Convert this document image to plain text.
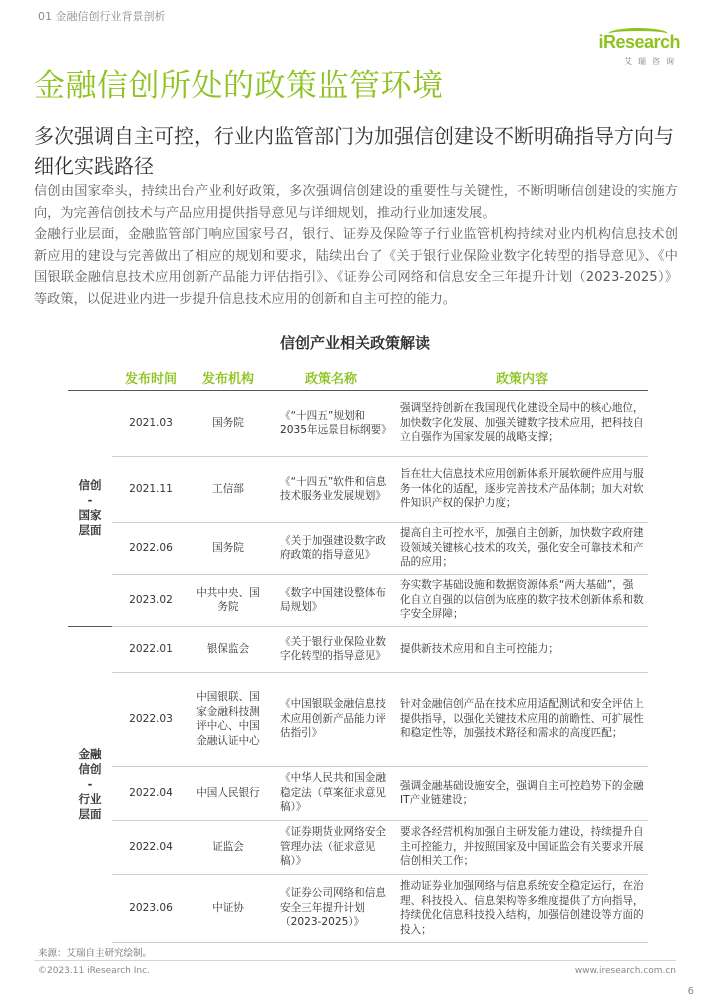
01 金融信创行业背景剖析
iResearch
艾瑞咨询
金融信创所处的政策监管环境
多次强调自主可控，行业内监管部门为加强信创建设不断明确指导方向与细化实践路径

信创由国家牵头，持续出台产业利好政策，多次强调信创建设的重要性与关键性，不断明晰信创建设的实施方向，为完善信创技术与产品应用提供指导意见与详细规划，推动行业加速发展。

金融行业层面，金融监管部门响应国家号召，银行、证券及保险等子行业监管机构持续对业内机构信息技术创新应用的建设与完善做出了相应的规划和要求，陆续出台了《关于银行业保险业数字化转型的指导意见》、《中国银联金融信息技术应用创新产品能力评估指引》、《证券公司网络和信息安全三年提升计划（2023-2025）》等政策，以促进业内进一步提升信息技术应用的创新和自主可控的能力。

信创产业相关政策解读
	发布时间	发布机构	政策名称	政策内容
信创
-
国家
层面	2021.03	国务院	《“十四五”规划和2035年远景目标纲要》	强调坚持创新在我国现代化建设全局中的核心地位，加快数字化发展、加强关键数字技术应用，把科技自立自强作为国家发展的战略支撑；
	2021.11	工信部	《“十四五”软件和信息技术服务业发展规划》	旨在壮大信息技术应用创新体系开展软硬件应用与服务一体化的适配，逐步完善技术产品体制；加大对软件知识产权的保护力度；
	2022.06	国务院	《关于加强建设数字政府政策的指导意见》	提高自主可控水平，加强自主创新，加快数字政府建设领域关键核心技术的攻关，强化安全可靠技术和产品的应用；
	2023.02	中共中央、国务院	《数字中国建设整体布局规划》	夯实数字基础设施和数据资源体系“两大基础”，强化自立自强的以信创为底座的数字技术创新体系和数字安全屏障；
金融
信创
-
行业
层面	2022.01	银保监会	《关于银行业保险业数字化转型的指导意见》	提供新技术应用和自主可控能力；
	2022.03	中国银联、国家金融科技测评中心、中国金融认证中心	《中国银联金融信息技术应用创新产品能力评估指引》	针对金融信创产品在技术应用适配测试和安全评估上提供指导，以强化关键技术应用的前瞻性、可扩展性和稳定性等，加强技术路径和需求的高度匹配；
	2022.04	中国人民银行	《中华人民共和国金融稳定法（草案征求意见稿）》	强调金融基础设施安全，强调自主可控趋势下的金融IT产业链建设；
	2022.04	证监会	《证券期货业网络安全管理办法（征求意见稿）》	要求各经营机构加强自主研发能力建设，持续提升自主可控能力，并按照国家及中国证监会有关要求开展信创相关工作；
	2023.06	中证协	《证券公司网络和信息安全三年提升计划（2023-2025）》	推动证券业加强网络与信息系统安全稳定运行，在治理、科技投入、信息架构等多维度提供了方向指导，持续优化信息科技投入结构，加强信创建设等方面的投入；
来源：艾瑞自主研究绘制。
©2023.11 iResearch Inc.	www.iresearch.com.cn
6
